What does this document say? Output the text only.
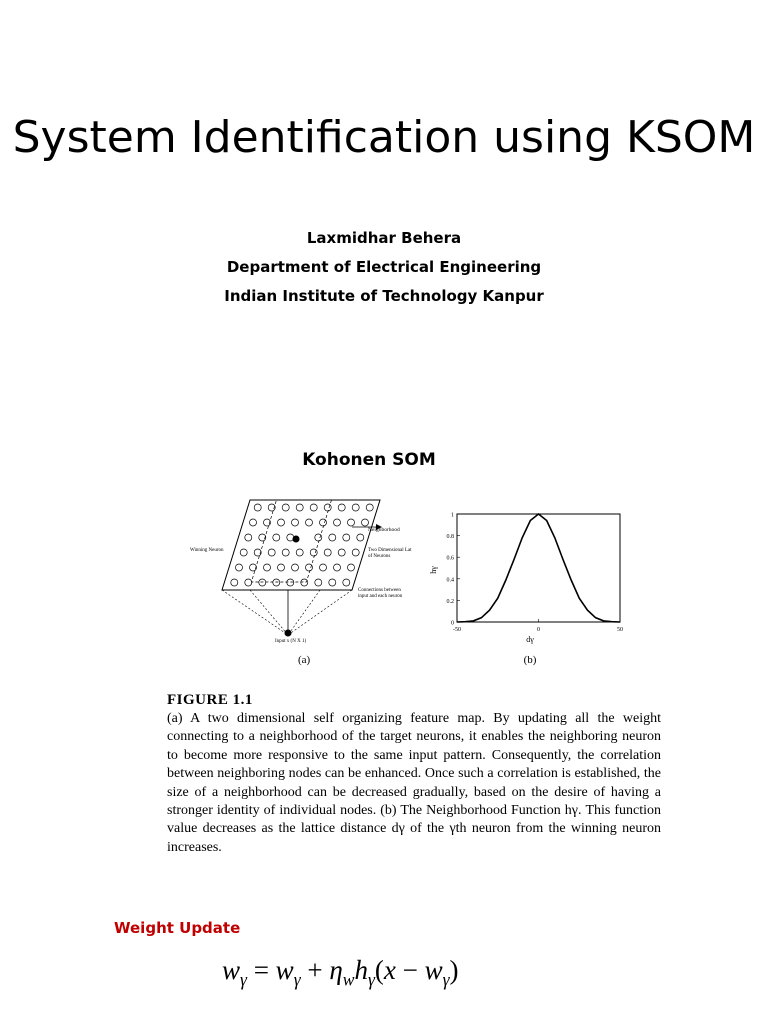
System Identification using KSOM
Laxmidhar Behera
Department of Electrical Engineering
Indian Institute of Technology Kanpur
Kohonen SOM
Neighborhood
Winning Neuron	Two Dimensional Lat
of Neurons
Connections between
input and each neuron
Input x (N X 1)
(a)
0
0.2
0.4
0.6
0.8
1
-50	0	50
dγ
hγ
(b)
FIGURE 1.1
(a) A two dimensional self organizing feature map. By updating all the weight connecting to a neighborhood of the target neurons, it enables the neighboring neuron to become more responsive to the same input pattern. Consequently, the correlation between neighboring nodes can be enhanced. Once such a correlation is established, the size of a neighborhood can be decreased gradually, based on the desire of having a stronger identity of individual nodes. (b) The Neighborhood Function hγ. This function value decreases as the lattice distance dγ of the γth neuron from the winning neuron increases.
Weight Update
$w_\gamma = w_\gamma + \eta_wh_\gamma(x - w_\gamma)$
